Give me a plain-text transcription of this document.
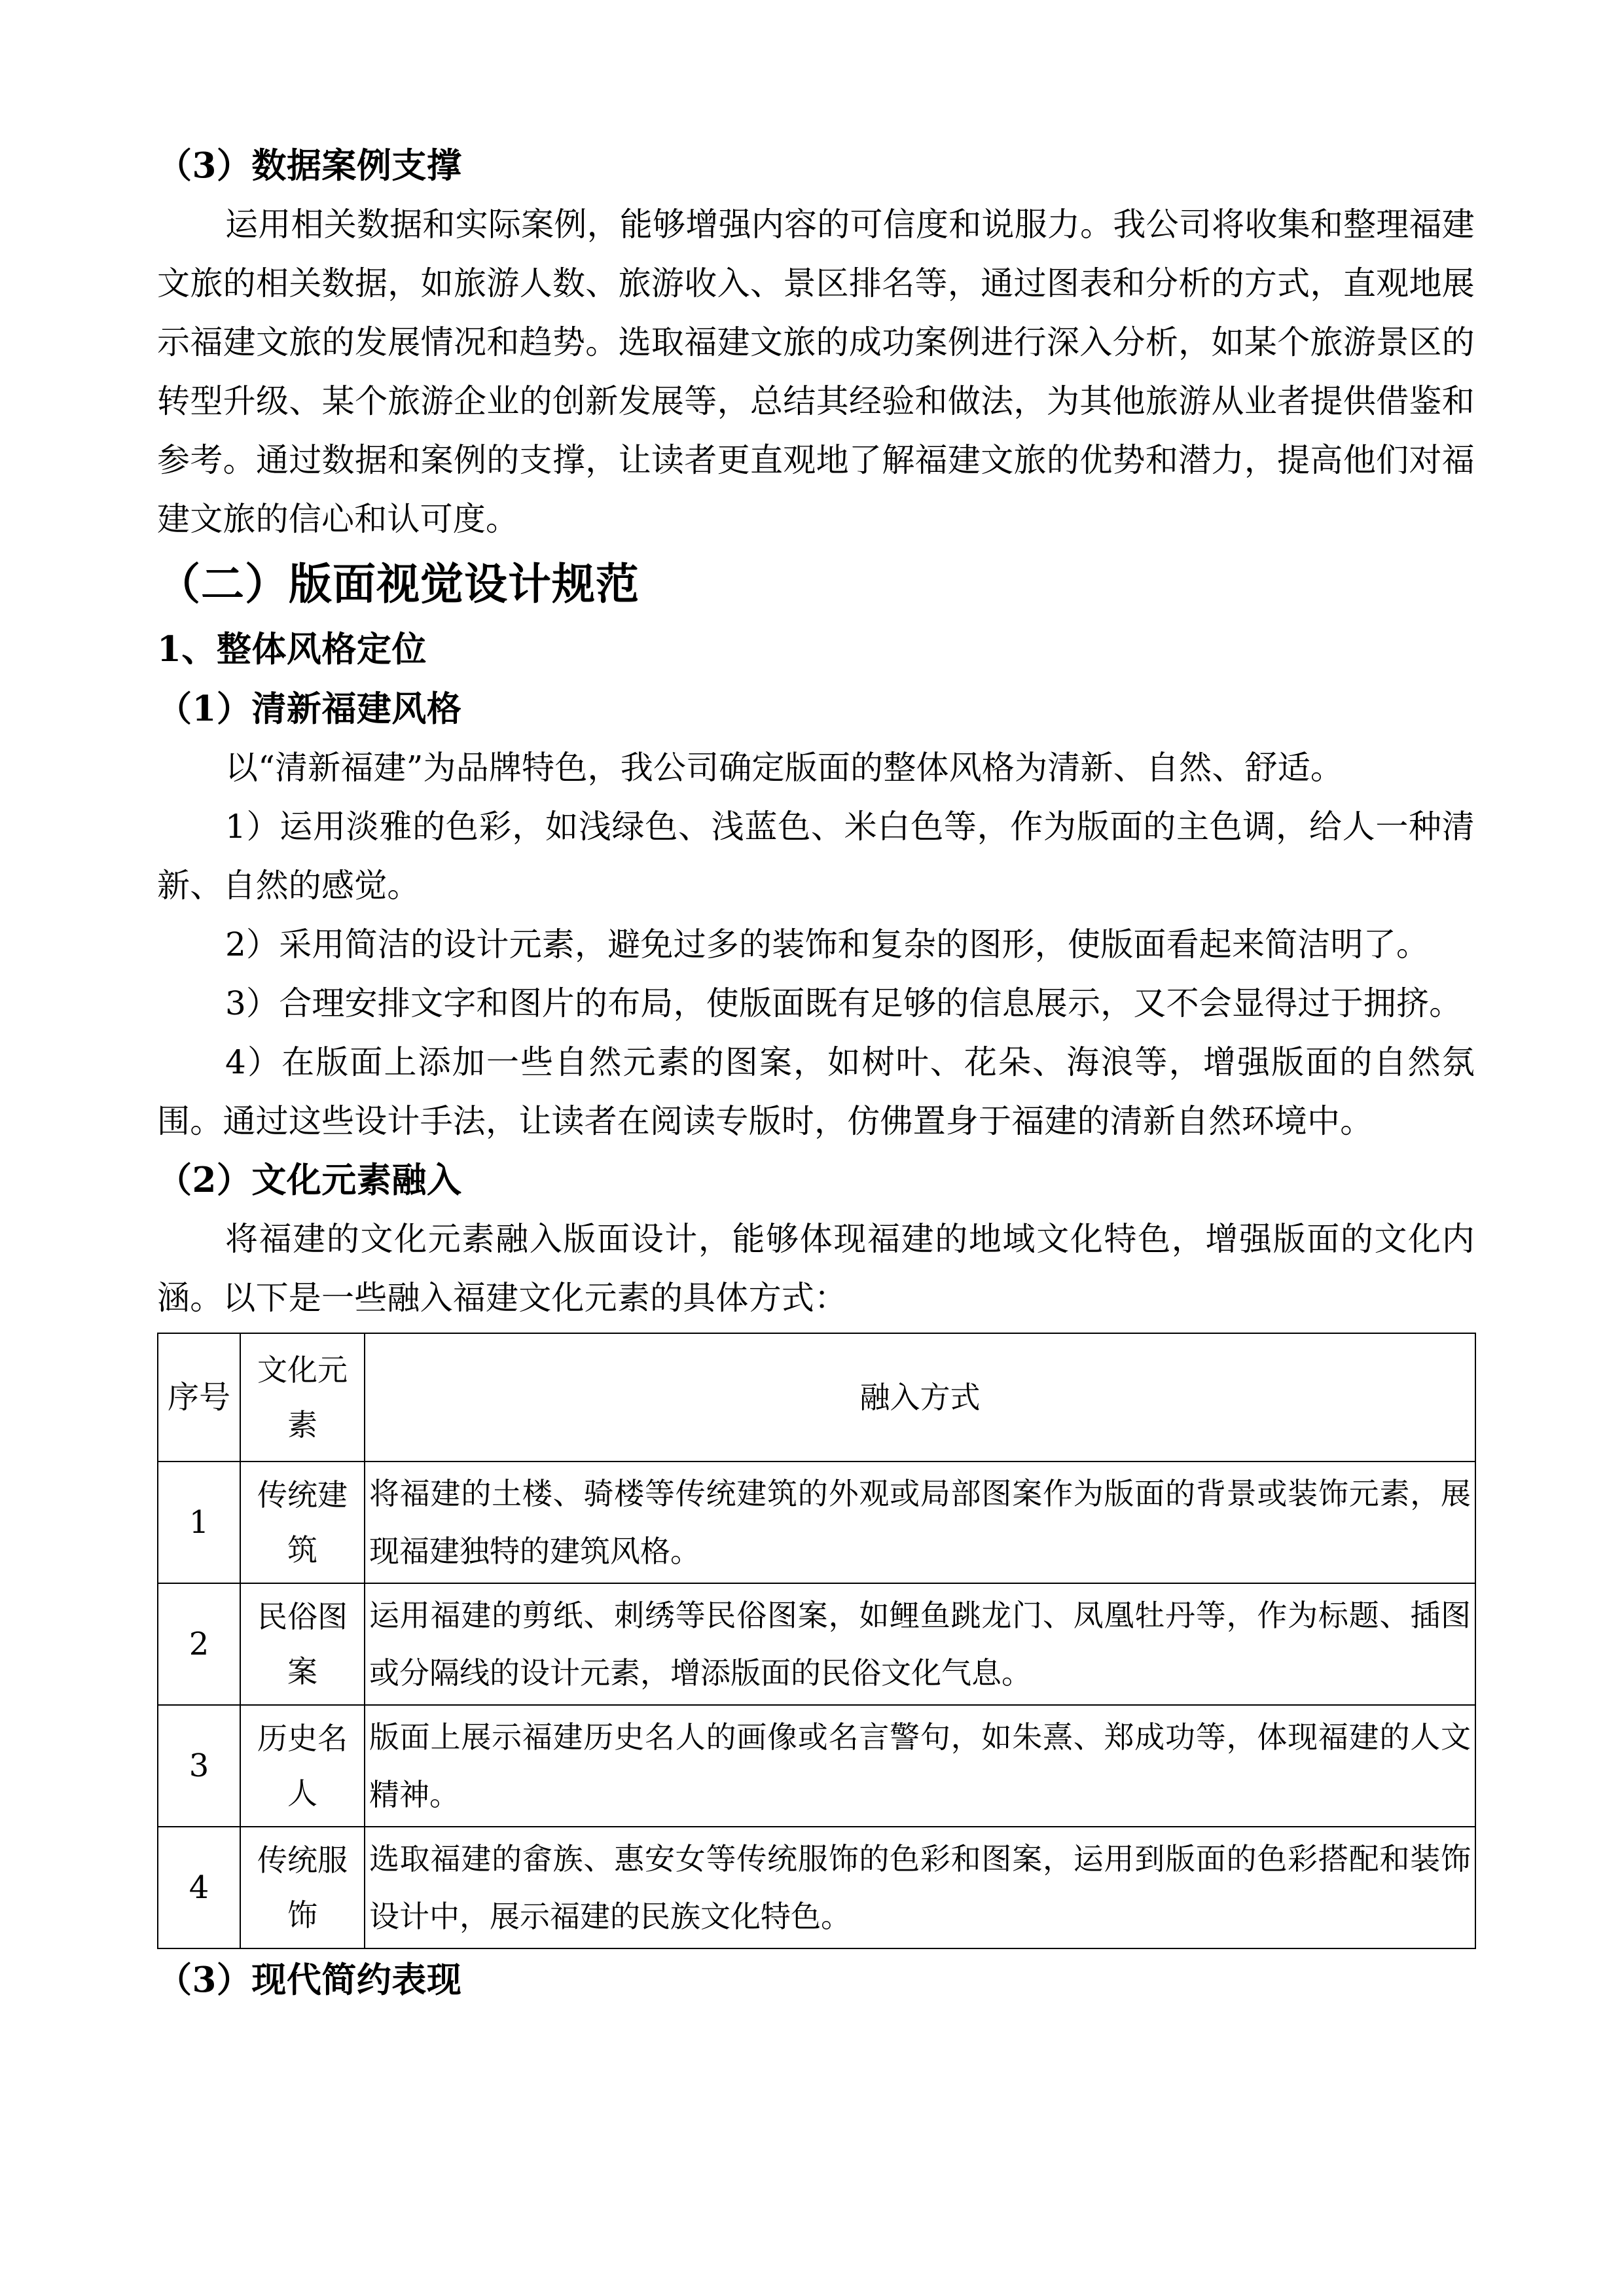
（3）数据案例支撑

运用相关数据和实际案例，能够增强内容的可信度和说服力。我公司将收集和整理福建文旅的相关数据，如旅游人数、旅游收入、景区排名等，通过图表和分析的方式，直观地展示福建文旅的发展情况和趋势。选取福建文旅的成功案例进行深入分析，如某个旅游景区的转型升级、某个旅游企业的创新发展等，总结其经验和做法，为其他旅游从业者提供借鉴和参考。通过数据和案例的支撑，让读者更直观地了解福建文旅的优势和潜力，提高他们对福建文旅的信心和认可度。

（二）版面视觉设计规范
1、整体风格定位
（1）清新福建风格

以“清新福建”为品牌特色，我公司确定版面的整体风格为清新、自然、舒适。

1）运用淡雅的色彩，如浅绿色、浅蓝色、米白色等，作为版面的主色调，给人一种清新、自然的感觉。

2）采用简洁的设计元素，避免过多的装饰和复杂的图形，使版面看起来简洁明了。

3）合理安排文字和图片的布局，使版面既有足够的信息展示，又不会显得过于拥挤。

4）在版面上添加一些自然元素的图案，如树叶、花朵、海浪等，增强版面的自然氛围。通过这些设计手法，让读者在阅读专版时，仿佛置身于福建的清新自然环境中。

（2）文化元素融入

将福建的文化元素融入版面设计，能够体现福建的地域文化特色，增强版面的文化内涵。以下是一些融入福建文化元素的具体方式：

序号	文化元素	融入方式
1	传统建筑	将福建的土楼、骑楼等传统建筑的外观或局部图案作为版面的背景或装饰元素，展现福建独特的建筑风格。
2	民俗图案	运用福建的剪纸、刺绣等民俗图案，如鲤鱼跳龙门、凤凰牡丹等，作为标题、插图或分隔线的设计元素，增添版面的民俗文化气息。
3	历史名人	版面上展示福建历史名人的画像或名言警句，如朱熹、郑成功等，体现福建的人文精神。
4	传统服饰	选取福建的畲族、惠安女等传统服饰的色彩和图案，运用到版面的色彩搭配和装饰设计中，展示福建的民族文化特色。
（3）现代简约表现
